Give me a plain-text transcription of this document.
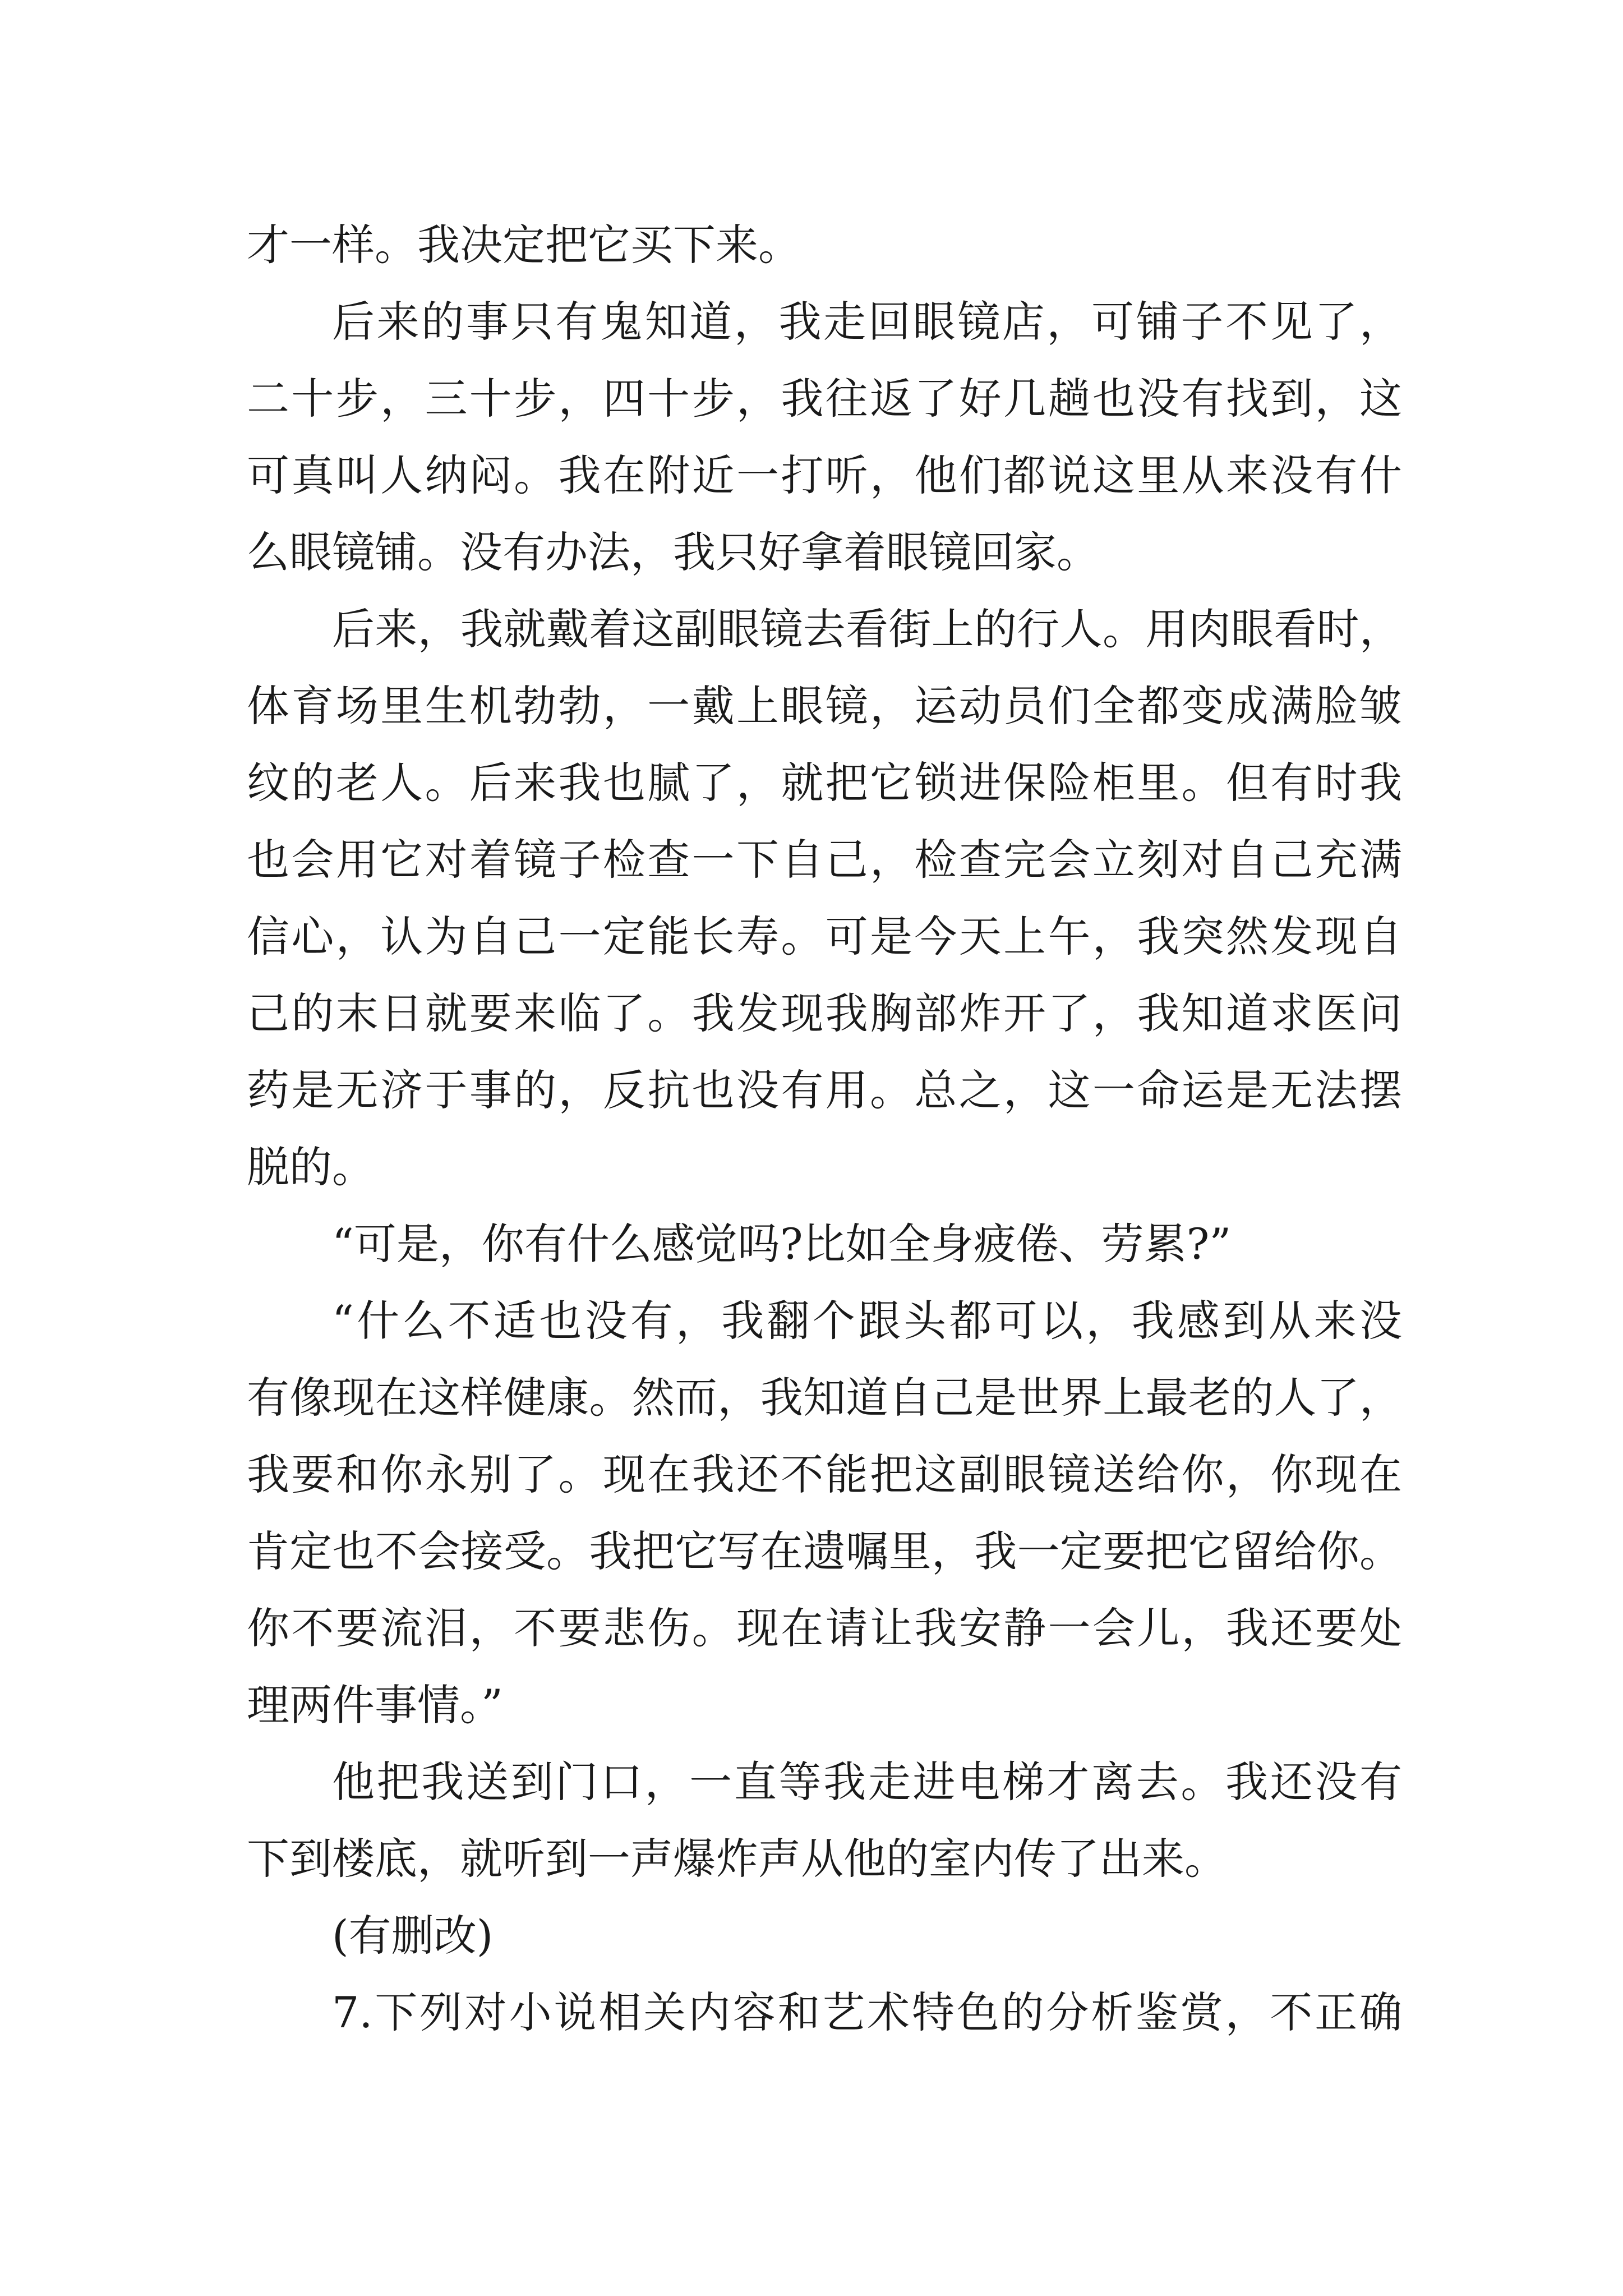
才一样。我决定把它买下来。
后来的事只有鬼知道，我走回眼镜店，可铺子不见了，
二十步，三十步，四十步，我往返了好几趟也没有找到，这
可真叫人纳闷。我在附近一打听，他们都说这里从来没有什
么眼镜铺。没有办法，我只好拿着眼镜回家。
后来，我就戴着这副眼镜去看街上的行人。用肉眼看时，
体育场里生机勃勃，一戴上眼镜，运动员们全都变成满脸皱
纹的老人。后来我也腻了，就把它锁进保险柜里。但有时我
也会用它对着镜子检查一下自己，检查完会立刻对自己充满
信心，认为自己一定能长寿。可是今天上午，我突然发现自
己的末日就要来临了。我发现我胸部炸开了，我知道求医问
药是无济于事的，反抗也没有用。总之，这一命运是无法摆
脱的。
“可是，你有什么感觉吗?比如全身疲倦、劳累?”
“什么不适也没有，我翻个跟头都可以，我感到从来没
有像现在这样健康。然而，我知道自己是世界上最老的人了，
我要和你永别了。现在我还不能把这副眼镜送给你，你现在
肯定也不会接受。我把它写在遗嘱里，我一定要把它留给你。
你不要流泪，不要悲伤。现在请让我安静一会儿，我还要处
理两件事情。”
他把我送到门口，一直等我走进电梯才离去。我还没有
下到楼底，就听到一声爆炸声从他的室内传了出来。
(有删改)
7.下列对小说相关内容和艺术特色的分析鉴赏，不正确
